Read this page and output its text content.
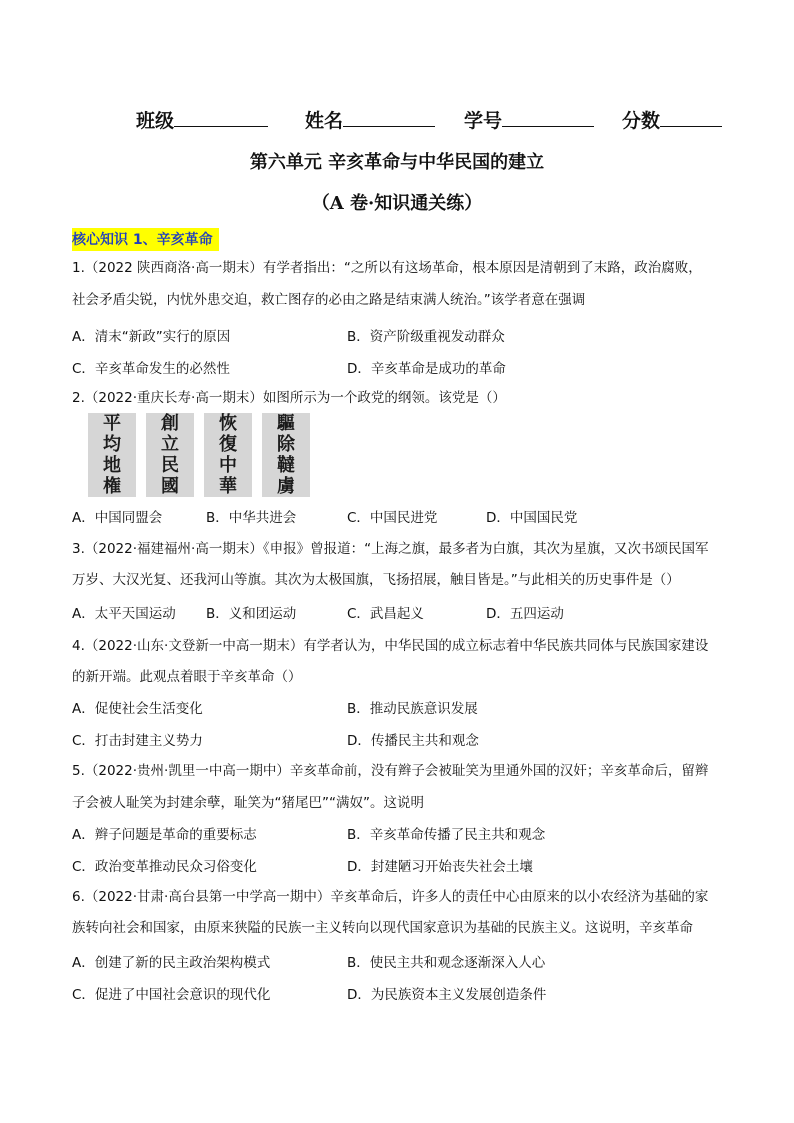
班级	姓名	学号	分数
第六单元 辛亥革命与中华民国的建立
（A 卷·知识通关练）
核心知识 1、辛亥革命
1.（2022 陕西商洛·高一期末）有学者指出：“之所以有这场革命，根本原因是清朝到了末路，政治腐败，
社会矛盾尖锐，内忧外患交迫，救亡图存的必由之路是结束满人统治。”该学者意在强调
A．清末“新政”实行的原因	B．资产阶级重视发动群众
C．辛亥革命发生的必然性	D．辛亥革命是成功的革命
2.（2022·重庆长寿·高一期末）如图所示为一个政党的纲领。该党是（）
平
均
地
権
創
立
民
國
恢
復
中
華
驅
除
韃
虜
A．中国同盟会	B．中华共进会	C．中国民进党	D．中国国民党
3.（2022·福建福州·高一期末）《申报》曾报道：“上海之旗，最多者为白旗，其次为星旗，又次书颂民国军
万岁、大汉光复、还我河山等旗。其次为太极国旗，飞扬招展，触目皆是。”与此相关的历史事件是（）
A．太平天国运动 B．义和团运动	C．武昌起义	D．五四运动
4.（2022·山东·文登新一中高一期末）有学者认为，中华民国的成立标志着中华民族共同体与民族国家建设
的新开端。此观点着眼于辛亥革命（）
A．促使社会生活变化	B．推动民族意识发展
C．打击封建主义势力	D．传播民主共和观念
5.（2022·贵州·凯里一中高一期中）辛亥革命前，没有辫子会被耻笑为里通外国的汉奸；辛亥革命后，留辫
子会被人耻笑为封建余孽，耻笑为“猪尾巴”“满奴”。这说明
A．辫子问题是革命的重要标志	B．辛亥革命传播了民主共和观念
C．政治变革推动民众习俗变化	D．封建陋习开始丧失社会土壤
6.（2022·甘肃·高台县第一中学高一期中）辛亥革命后，许多人的责任中心由原来的以小农经济为基础的家
族转向社会和国家，由原来狭隘的民族一主义转向以现代国家意识为基础的民族主义。这说明，辛亥革命
A．创建了新的民主政治架构模式	B．使民主共和观念逐渐深入人心
C．促进了中国社会意识的现代化	D．为民族资本主义发展创造条件
